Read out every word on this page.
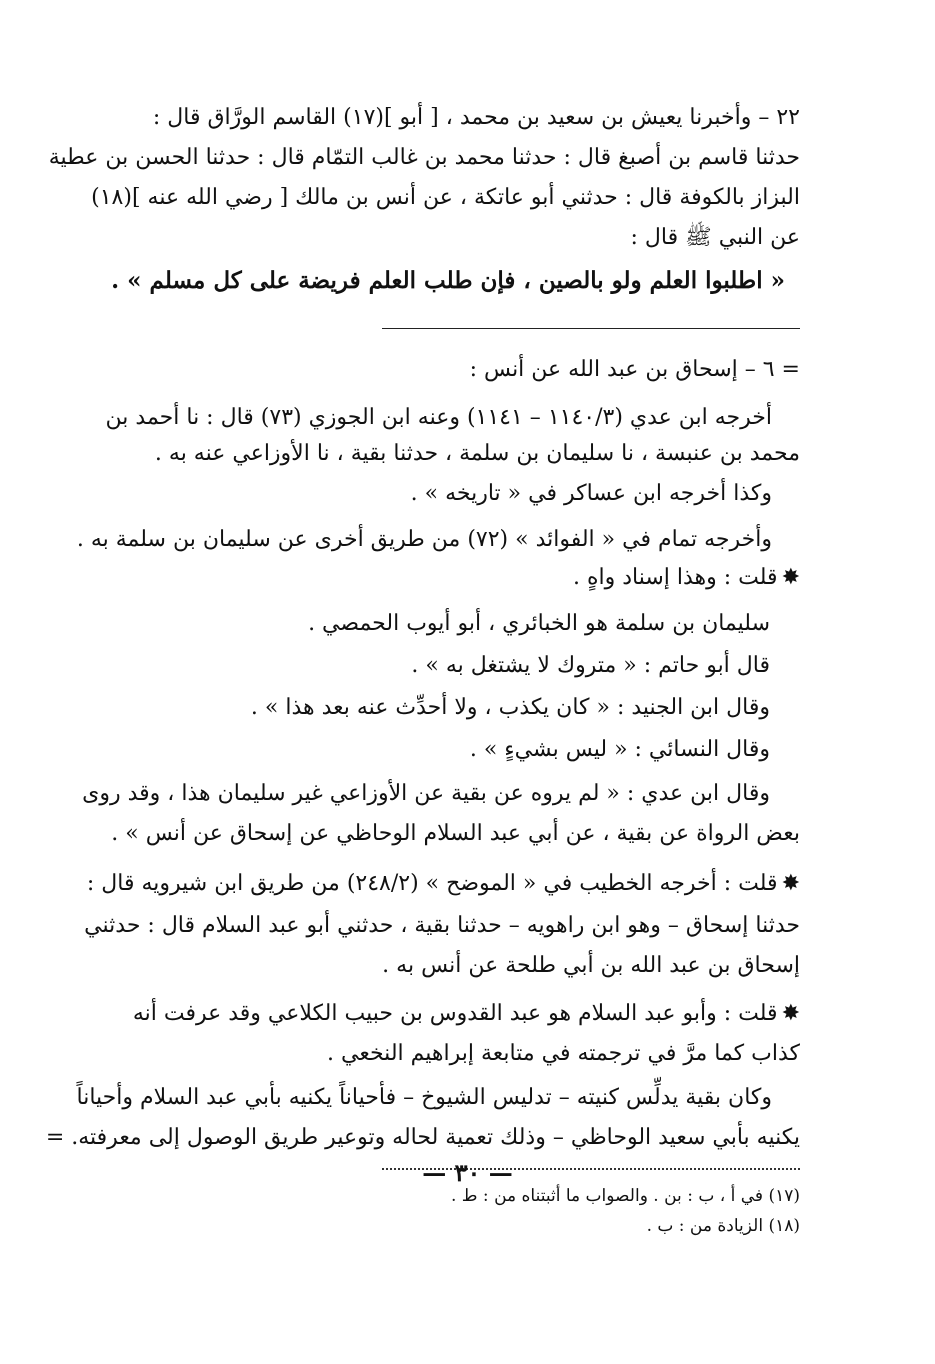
٢٢ – وأخبرنا يعيش بن سعيد بن محمد ، [ أبو ](١٧) القاسم الورَّاق قال :
حدثنا قاسم بن أصبغ قال : حدثنا محمد بن غالب التمّام قال : حدثنا الحسن بن عطية
البزاز بالكوفة قال : حدثني أبو عاتكة ، عن أنس بن مالك [ رضي الله عنه ](١٨)
عن النبي ﷺ قال :
« اطلبوا العلم ولو بالصين ، فإن طلب العلم فريضة على كل مسلم » .
= ٦ – إسحاق بن عبد الله عن أنس :
أخرجه ابن عدي (١١٤٠/٣ – ١١٤١) وعنه ابن الجوزي (٧٣) قال : نا أحمد بن
محمد بن عنبسة ، نا سليمان بن سلمة ، حدثنا بقية ، نا الأوزاعي عنه به .
وكذا أخرجه ابن عساكر في « تاريخه » .
وأخرجه تمام في « الفوائد » (٧٢) من طريق أخرى عن سليمان بن سلمة به .
✸قلت : وهذا إسناد واهٍ .
سليمان بن سلمة هو الخبائري ، أبو أيوب الحمصي .
قال أبو حاتم : « متروك لا يشتغل به » .
وقال ابن الجنيد : « كان يكذب ، ولا أحدِّث عنه بعد هذا » .
وقال النسائي : « ليس بشيءٍ » .
وقال ابن عدي : « لم يروه عن بقية عن الأوزاعي غير سليمان هذا ، وقد روى
بعض الرواة عن بقية ، عن أبي عبد السلام الوحاظي عن إسحاق عن أنس » .
✸قلت : أخرجه الخطيب في « الموضح » (٢٤٨/٢) من طريق ابن شيرويه قال :
حدثنا إسحاق – وهو ابن راهويه – حدثنا بقية ، حدثني أبو عبد السلام قال : حدثني
إسحاق بن عبد الله بن أبي طلحة عن أنس به .
✸قلت : وأبو عبد السلام هو عبد القدوس بن حبيب الكلاعي وقد عرفت أنه
كذاب كما مرَّ في ترجمته في متابعة إبراهيم النخعي .
وكان بقية يدلِّس كنيته – تدليس الشيوخ – فأحياناً يكنيه بأبي عبد السلام وأحياناً
يكنيه بأبي سعيد الوحاظي – وذلك تعمية لحاله وتوعير طريق الوصول إلى معرفته. =
(١٧) في أ ، ب : بن . والصواب ما أثبتناه من : ط .
(١٨) الزيادة من : ب .
— ٣٠ —
